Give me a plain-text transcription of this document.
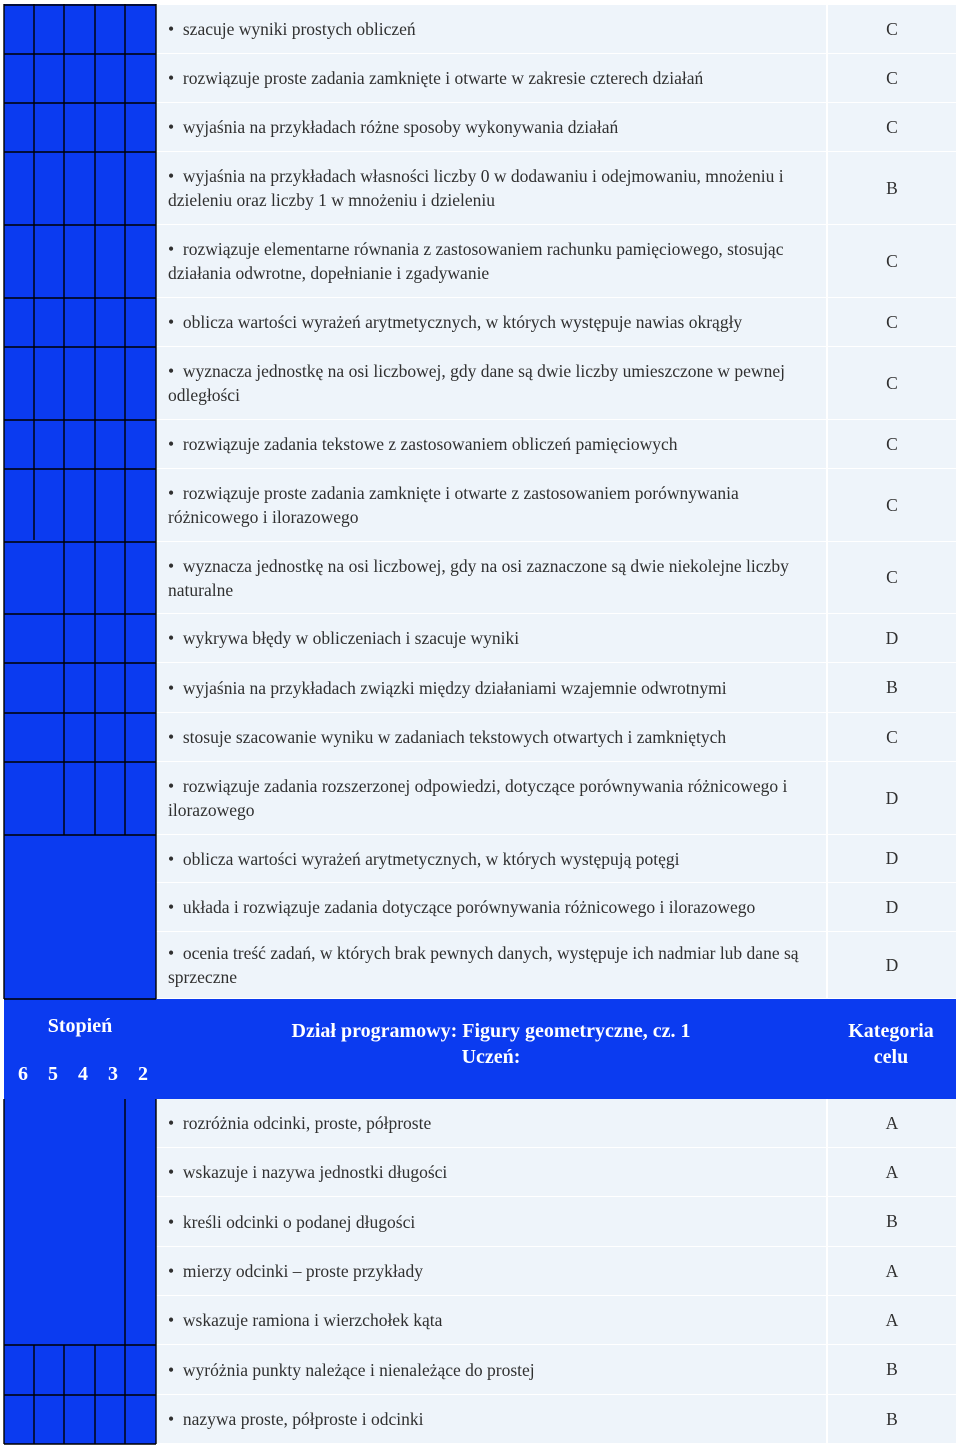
Stopień
6	5	4	3	2
Dział programowy: Figury geometryczne, cz. 1
Uczeń:
Kategoria
celu
•  szacuje wyniki prostych obliczeń	C
•  rozwiązuje proste zadania zamknięte i otwarte w zakresie czterech działań	C
•  wyjaśnia na przykładach różne sposoby wykonywania działań	C
•  wyjaśnia na przykładach własności liczby 0 w dodawaniu i odejmowaniu, mnożeniu i dzieleniu oraz liczby 1 w mnożeniu i dzieleniu
B
•  rozwiązuje elementarne równania z zastosowaniem rachunku pamięciowego, stosując działania odwrotne, dopełnianie i zgadywanie
C
•  oblicza wartości wyrażeń arytmetycznych, w których występuje nawias okrągły	C
•  wyznacza jednostkę na osi liczbowej, gdy dane są dwie liczby umieszczone w pewnej odległości
C
•  rozwiązuje zadania tekstowe z zastosowaniem obliczeń pamięciowych	C
•  rozwiązuje proste zadania zamknięte i otwarte z zastosowaniem porównywania różnicowego i ilorazowego
C
•  wyznacza jednostkę na osi liczbowej, gdy na osi zaznaczone są dwie niekolejne liczby naturalne
C
•  wykrywa błędy w obliczeniach i szacuje wyniki	D
•  wyjaśnia na przykładach związki między działaniami wzajemnie odwrotnymi	B
•  stosuje szacowanie wyniku w zadaniach tekstowych otwartych i zamkniętych	C
•  rozwiązuje zadania rozszerzonej odpowiedzi, dotyczące porównywania różnicowego i ilorazowego
D
•  oblicza wartości wyrażeń arytmetycznych, w których występują potęgi	D
•  układa i rozwiązuje zadania dotyczące porównywania różnicowego i ilorazowego	D
•  ocenia treść zadań, w których brak pewnych danych, występuje ich nadmiar lub dane są sprzeczne
D
•  rozróżnia odcinki, proste, półproste	A
•  wskazuje i nazywa jednostki długości	A
•  kreśli odcinki o podanej długości	B
•  mierzy odcinki – proste przykłady	A
•  wskazuje ramiona i wierzchołek kąta	A
•  wyróżnia punkty należące i nienależące do prostej	B
•  nazywa proste, półproste i odcinki	B
